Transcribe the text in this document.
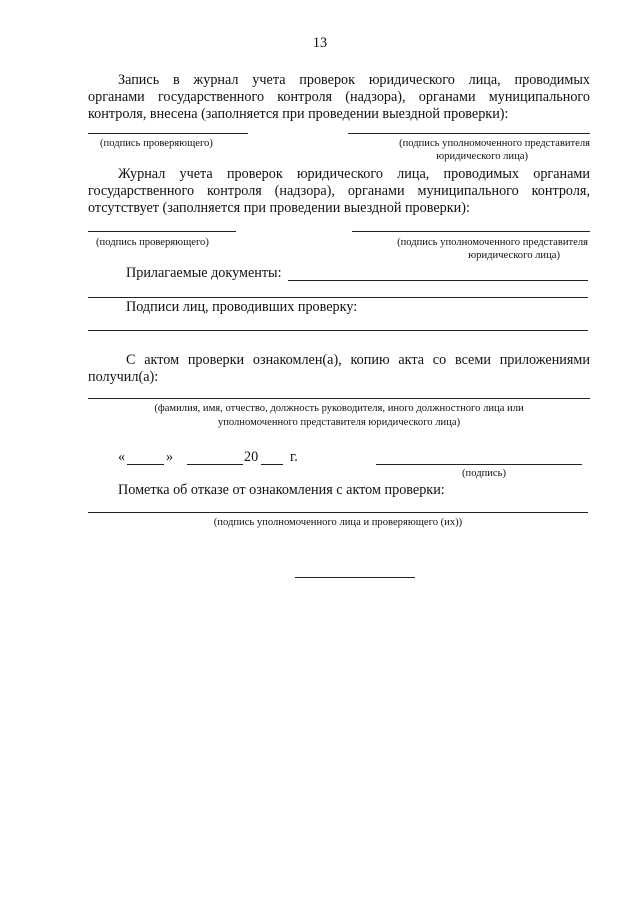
13
Запись в журнал учета проверок юридического лица, проводимых
органами государственного контроля (надзора), органами муниципального
контроля, внесена (заполняется при проведении выездной проверки):
(подпись проверяющего)	(подпись уполномоченного представителя
юридического лица)
Журнал учета проверок юридического лица, проводимых органами
государственного контроля (надзора), органами муниципального контроля,
отсутствует (заполняется при проведении выездной проверки):
(подпись проверяющего)	(подпись уполномоченного представителя
юридического лица)
Прилагаемые документы:
Подписи лиц, проводивших проверку:
С актом проверки ознакомлен(а), копию акта со всеми приложениями
получил(а):
(фамилия, имя, отчество, должность руководителя, иного должностного лица или
уполномоченного представителя юридического лица)
«	»	20 г.
(подпись)
Пометка об отказе от ознакомления с актом проверки:
(подпись уполномоченного лица и проверяющего (их))
